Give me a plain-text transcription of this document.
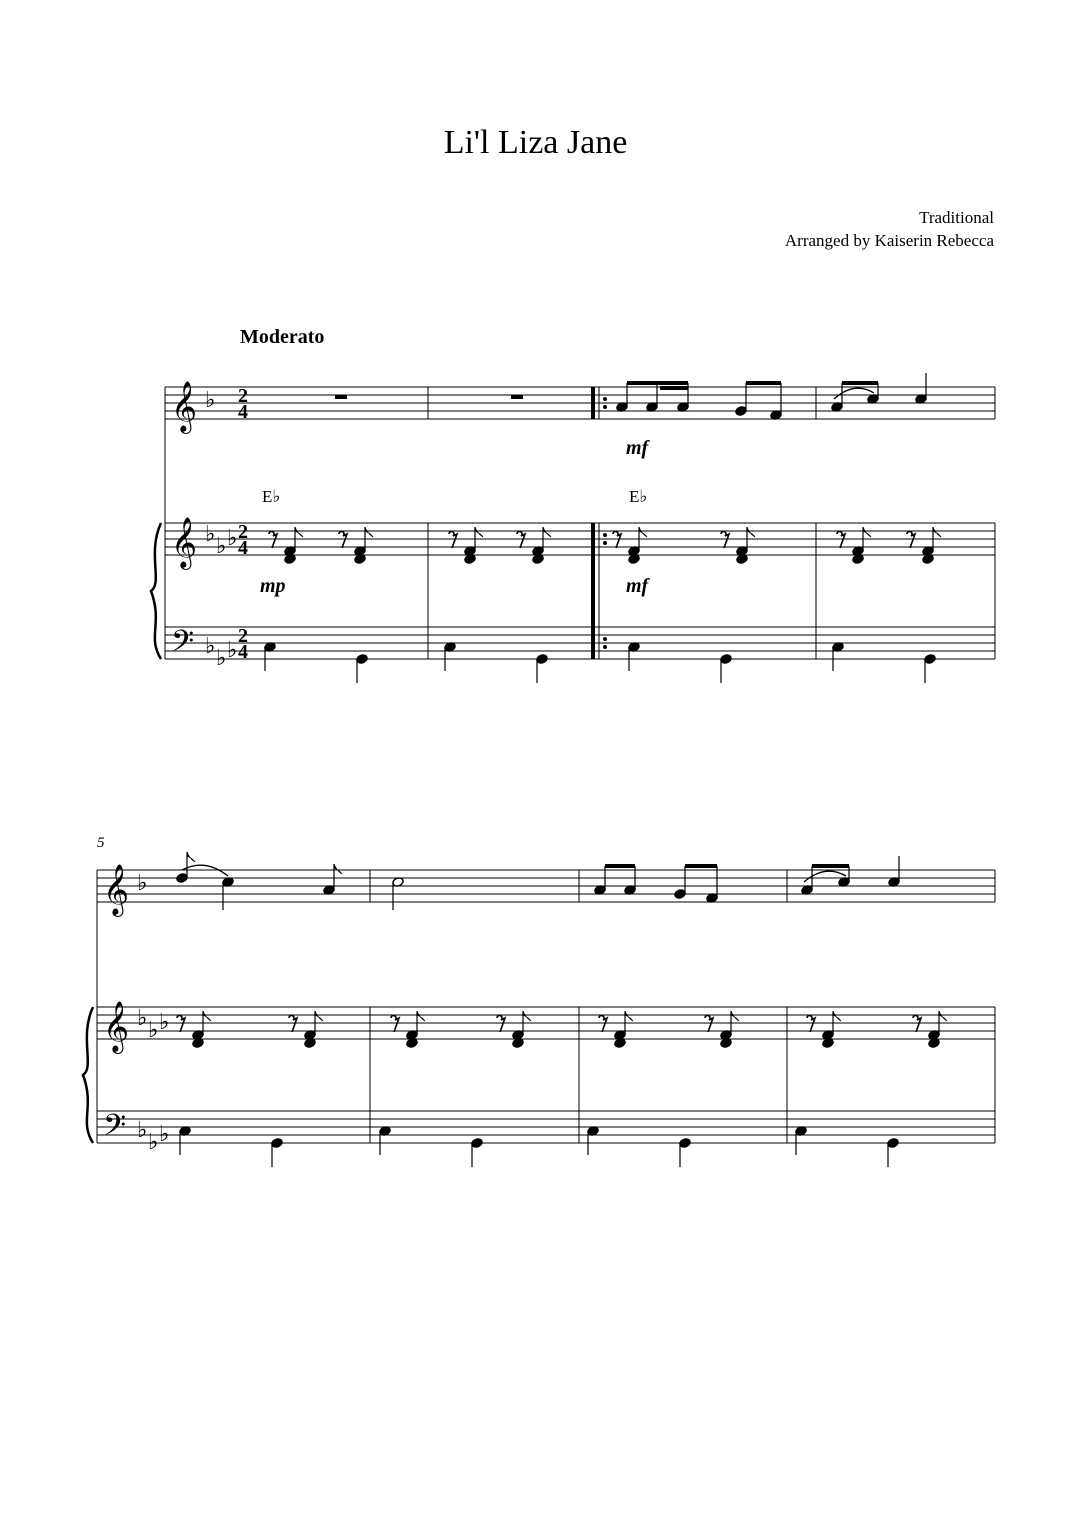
Li'l Liza Jane
Traditional
Arranged by Kaiserin Rebecca
Moderato
𝄞
𝄞
𝄢
♭
♭ ♭ ♭
♭ ♭ ♭
2
4
2
4
2
4
𝄞
𝄞
𝄢
♭
♭ ♭ ♭
♭ ♭ ♭
E♭	E♭
mf
mp	mf
5
